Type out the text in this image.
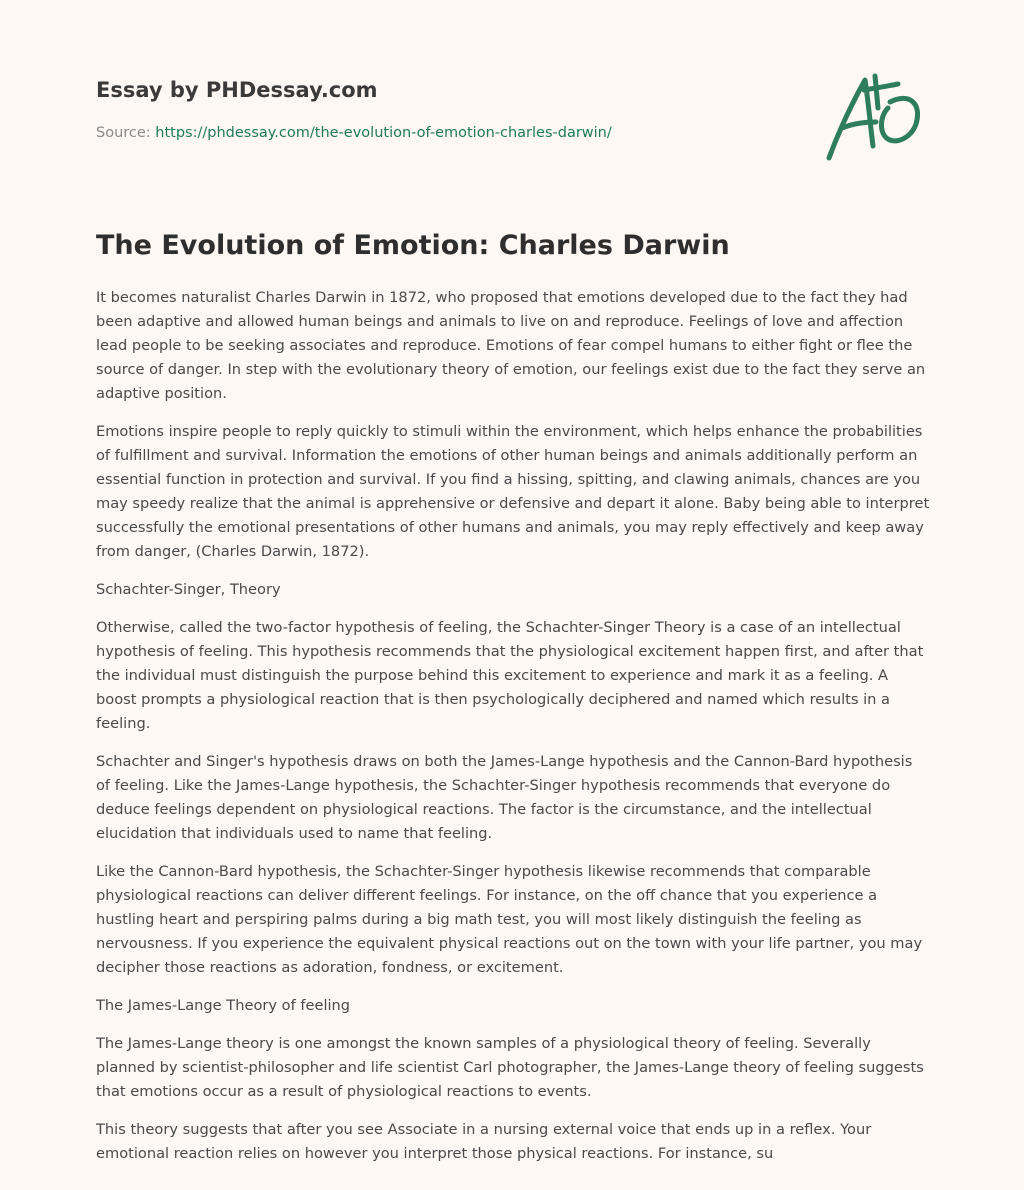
Essay by PHDessay.com
Source: https://phdessay.com/the-evolution-of-emotion-charles-darwin/
The Evolution of Emotion: Charles Darwin

It becomes naturalist Charles Darwin in 1872, who proposed that emotions developed due to the fact they had been adaptive and allowed human beings and animals to live on and reproduce. Feelings of love and affection lead people to be seeking associates and reproduce. Emotions of fear compel humans to either fight or flee the source of danger. In step with the evolutionary theory of emotion, our feelings exist due to the fact they serve an adaptive position.

Emotions inspire people to reply quickly to stimuli within the environment, which helps enhance the probabilities of fulfillment and survival. Information the emotions of other human beings and animals additionally perform an essential function in protection and survival. If you find a hissing, spitting, and clawing animals, chances are you may speedy realize that the animal is apprehensive or defensive and depart it alone. Baby being able to interpret successfully the emotional presentations of other humans and animals, you may reply effectively and keep away from danger, (Charles Darwin, 1872).

Schachter-Singer, Theory

Otherwise, called the two-factor hypothesis of feeling, the Schachter-Singer Theory is a case of an intellectual hypothesis of feeling. This hypothesis recommends that the physiological excitement happen first, and after that the individual must distinguish the purpose behind this excitement to experience and mark it as a feeling. A boost prompts a physiological reaction that is then psychologically deciphered and named which results in a feeling.

Schachter and Singer's hypothesis draws on both the James-Lange hypothesis and the Cannon-Bard hypothesis of feeling. Like the James-Lange hypothesis, the Schachter-Singer hypothesis recommends that everyone do deduce feelings dependent on physiological reactions. The factor is the circumstance, and the intellectual elucidation that individuals used to name that feeling.

Like the Cannon-Bard hypothesis, the Schachter-Singer hypothesis likewise recommends that comparable physiological reactions can deliver different feelings. For instance, on the off chance that you experience a hustling heart and perspiring palms during a big math test, you will most likely distinguish the feeling as nervousness. If you experience the equivalent physical reactions out on the town with your life partner, you may decipher those reactions as adoration, fondness, or excitement.

The James-Lange Theory of feeling

The James-Lange theory is one amongst the known samples of a physiological theory of feeling. Severally planned by scientist-philosopher and life scientist Carl photographer, the James-Lange theory of feeling suggests that emotions occur as a result of physiological reactions to events.

This theory suggests that after you see Associate in a nursing external voice that ends up in a reflex. Your emotional reaction relies on however you interpret those physical reactions. For instance, su
